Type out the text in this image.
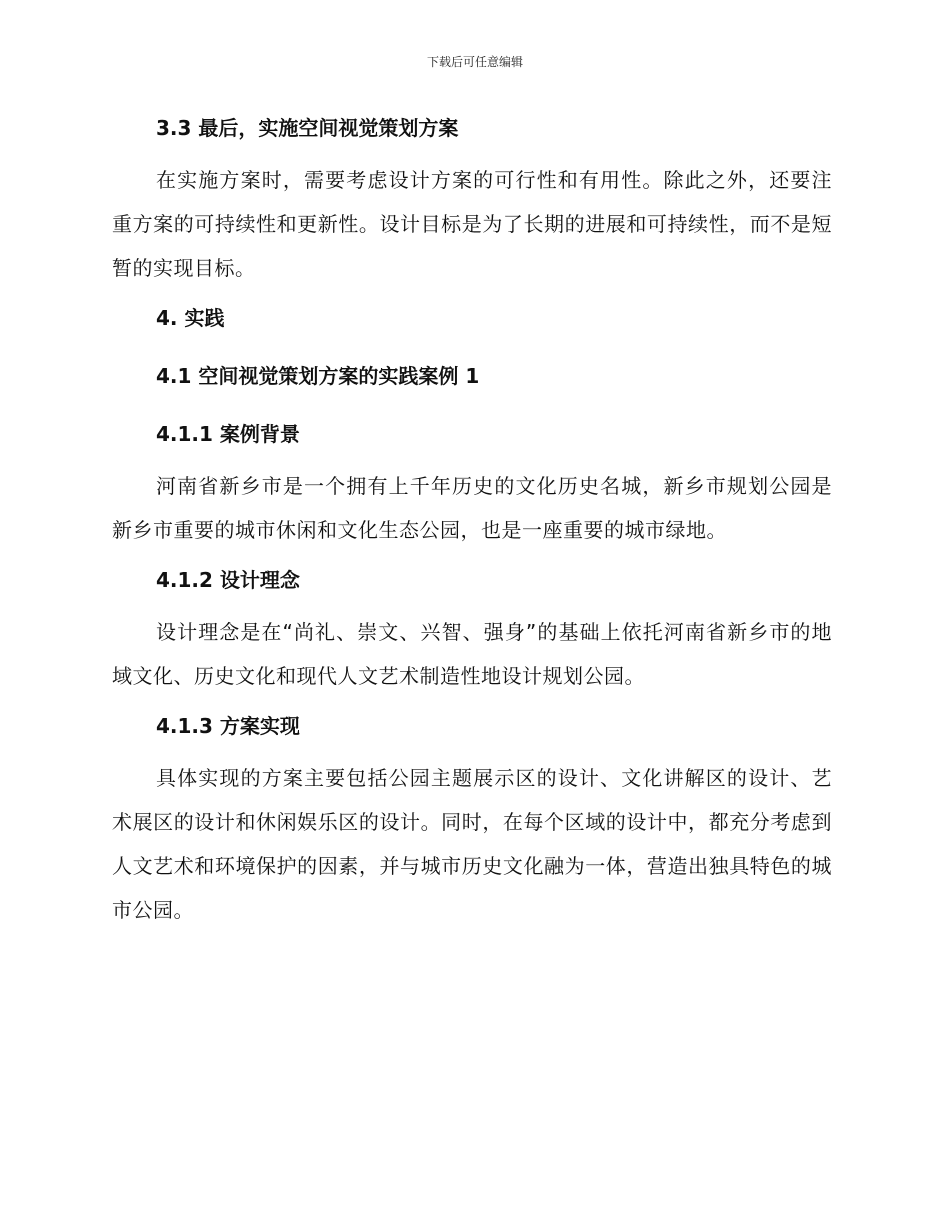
下载后可任意编辑
3.3 最后，实施空间视觉策划方案

在实施方案时，需要考虑设计方案的可行性和有用性。除此之外，还要注重方案的可持续性和更新性。设计目标是为了长期的进展和可持续性，而不是短暂的实现目标。

4. 实践
4.1 空间视觉策划方案的实践案例 1
4.1.1 案例背景

河南省新乡市是一个拥有上千年历史的文化历史名城，新乡市规划公园是新乡市重要的城市休闲和文化生态公园，也是一座重要的城市绿地。

4.1.2 设计理念

设计理念是在“尚礼、崇文、兴智、强身”的基础上依托河南省新乡市的地域文化、历史文化和现代人文艺术制造性地设计规划公园。

4.1.3 方案实现

具体实现的方案主要包括公园主题展示区的设计、文化讲解区的设计、艺术展区的设计和休闲娱乐区的设计。同时，在每个区域的设计中，都充分考虑到人文艺术和环境保护的因素，并与城市历史文化融为一体，营造出独具特色的城市公园。
